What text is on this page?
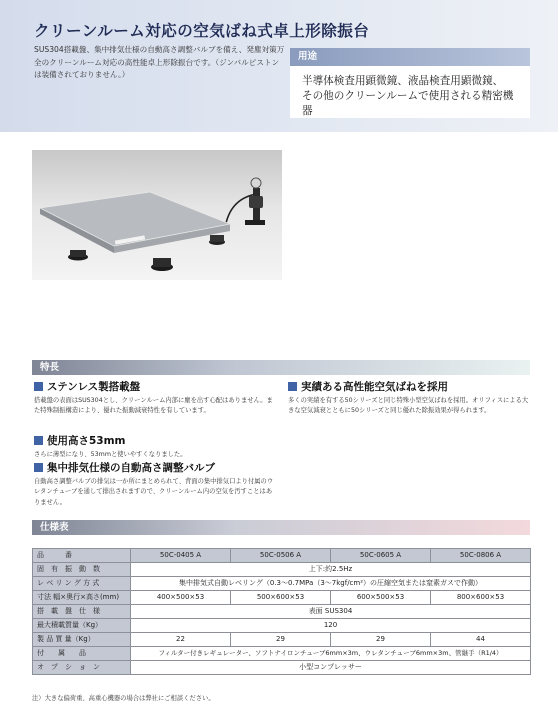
クリーンルーム対応の空気ばね式卓上形除振台
SUS304搭載盤、集中排気仕様の自動高さ調整バルブを備え、発塵対策万全のクリーンルーム対応の高性能卓上形除振台です。（ジンバルピストンは装備されておりません。）
用途
半導体検査用顕微鏡、液晶検査用顕微鏡、
その他のクリーンルームで使用される精密機器
特長
ステンレス製搭載盤
搭載盤の表面はSUS304とし、クリーンルーム内部に塵を出す心配はありません。また特殊制振構造により、優れた振動減衰特性を有しています。
使用高さ53mm
さらに薄型になり、53mmと使いやすくなりました。
集中排気仕様の自動高さ調整バルブ
自動高さ調整バルブの排気は一か所にまとめられて、背面の集中排気口より付属のウレタンチューブを通して排出されますので、クリーンルーム内の空気を汚すことはありません。
実績ある高性能空気ばねを採用
多くの実績を有する50シリーズと同じ特殊小型空気ばねを採用。オリフィスによる大きな空気減衰とともに50シリーズと同じ優れた除振効果が得られます。
仕様表
品　　　番	50C-0405 A	50C-0506 A	50C-0605 A	50C-0806 A
固　有　振　動　数	上下:約2.5Hz			
レ ベ リ ン グ 方 式	集中排気式自動レベリング（0.3〜0.7MPa（3〜7kgf/cm²）の圧縮空気または窒素ガスで作動）			
寸法 幅×奥行×高さ(mm)	400×500×53	500×600×53	600×500×53	800×600×53
搭　載　盤　仕　様	表面 SUS304			
最大積載質量（Kg）	120			
製 品 質 量（Kg）	22	29	29	44
付　　属　　品	フィルター付きレギュレーター、ソフトナイロンチューブ6mm×3m、ウレタンチューブ6mm×3m、管継手（R1/4）			
オ　プ　シ　ョ　ン	小型コンプレッサー			
注）大きな偏荷重、高重心機器の場合は弊社にご相談ください。
